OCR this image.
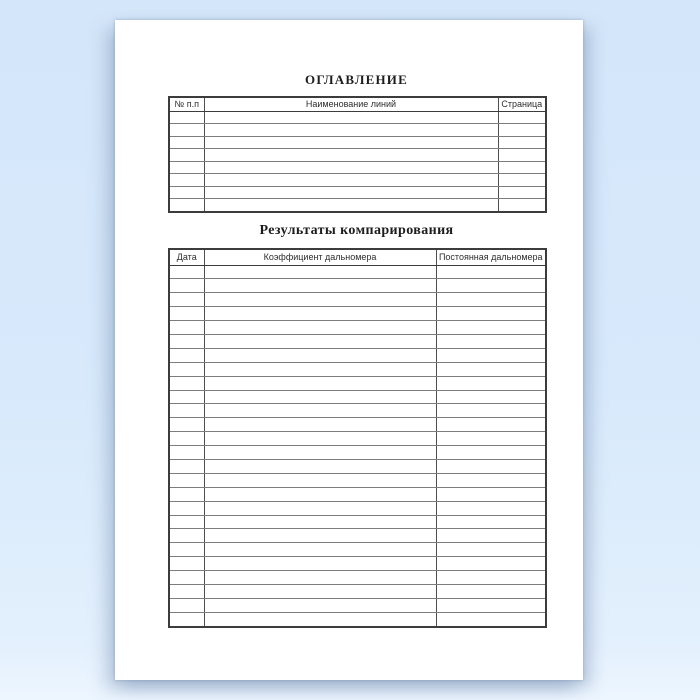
ОГЛАВЛЕНИЕ
№ п.п	Наименование линий	Страница

Результаты компарирования
Дата	Коэффициент дальномера	Постоянная дальномера
